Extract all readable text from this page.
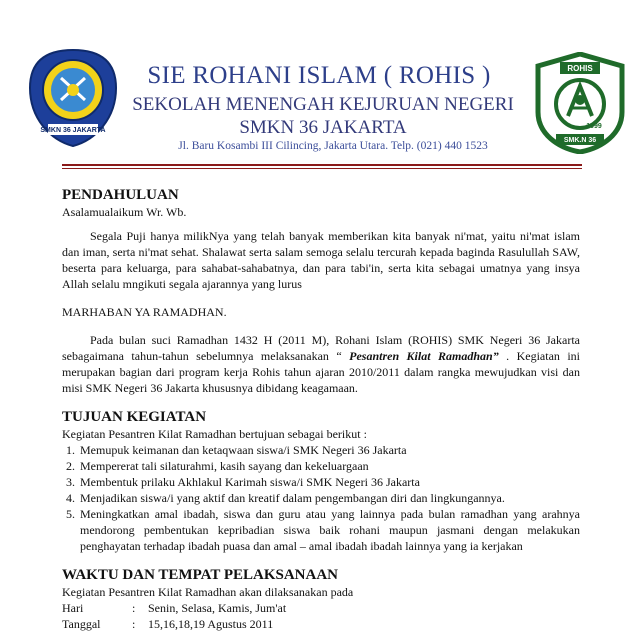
SMKN 36 JAKARTA
ROHIS
1999
SMK.N 36
SIE ROHANI ISLAM ( ROHIS )
SEKOLAH MENENGAH KEJURUAN NEGERI
SMKN 36 JAKARTA
Jl. Baru Kosambi III Cilincing, Jakarta Utara. Telp. (021) 440 1523
PENDAHULUAN

Asalamualaikum Wr. Wb.

Segala Puji hanya milikNya yang telah banyak memberikan kita banyak ni'mat, yaitu ni'mat islam dan iman, serta ni'mat sehat. Shalawat serta salam semoga selalu tercurah kepada baginda Rasulullah SAW, beserta para keluarga, para sahabat-sahabatnya, dan para tabi'in, serta kita sebagai umatnya yang insya Allah selalu mngikuti segala ajarannya yang lurus

MARHABAN YA RAMADHAN.

Pada bulan suci Ramadhan 1432 H (2011 M), Rohani Islam (ROHIS) SMK Negeri 36 Jakarta sebagaimana tahun-tahun sebelumnya melaksanakan “ Pesantren Kilat Ramadhan” . Kegiatan ini merupakan bagian dari program kerja Rohis tahun ajaran 2010/2011 dalam rangka mewujudkan visi dan misi SMK Negeri 36 Jakarta khususnya dibidang keagamaan.

TUJUAN KEGIATAN

Kegiatan Pesantren Kilat Ramadhan bertujuan sebagai berikut :

1. Memupuk keimanan dan ketaqwaan siswa/i SMK Negeri 36 Jakarta
2. Mempererat tali silaturahmi, kasih sayang dan kekeluargaan
3. Membentuk prilaku Akhlakul Karimah siswa/i SMK Negeri 36 Jakarta
4. Menjadikan siswa/i yang aktif dan kreatif dalam pengembangan diri dan lingkungannya.
5. Meningkatkan amal ibadah, siswa dan guru atau yang lainnya pada bulan ramadhan yang arahnya mendorong pembentukan kepribadian siswa baik rohani maupun jasmani dengan melakukan penghayatan terhadap ibadah puasa dan amal – amal ibadah ibadah lainnya yang ia kerjakan
WAKTU DAN TEMPAT PELAKSANAAN

Kegiatan Pesantren Kilat Ramadhan akan dilaksanakan pada

Hari	:	Senin, Selasa, Kamis, Jum'at
Tanggal	:	15,16,18,19 Agustus 2011
